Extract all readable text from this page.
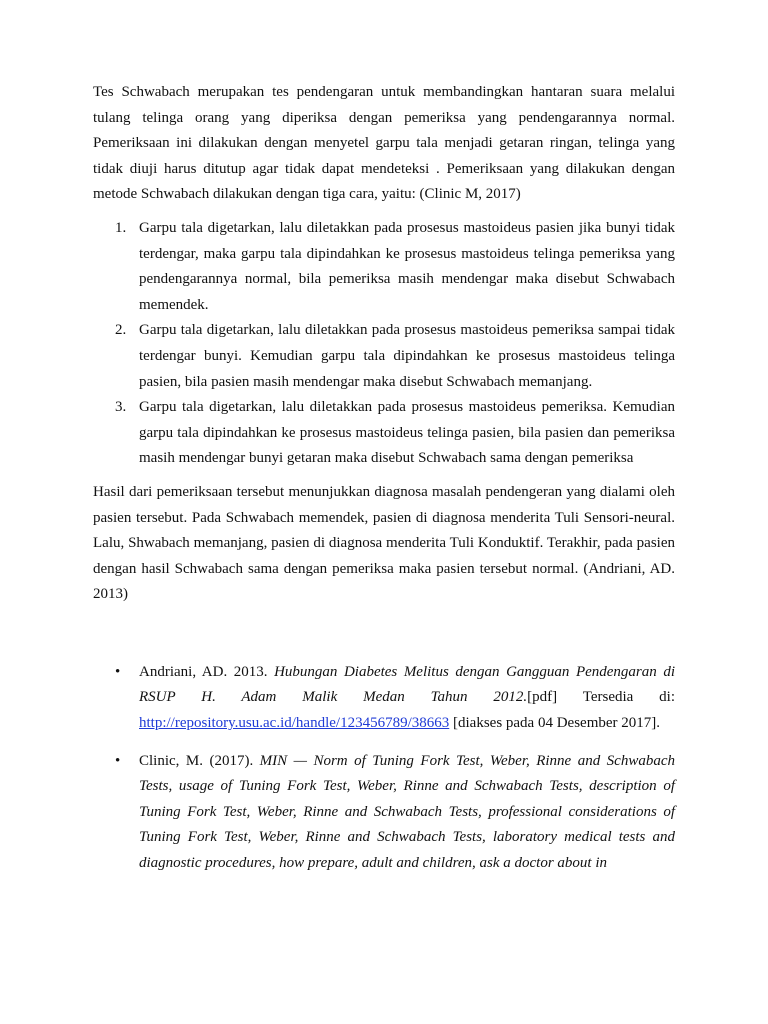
Tes Schwabach merupakan tes pendengaran untuk membandingkan hantaran suara melalui tulang telinga orang yang diperiksa dengan pemeriksa yang pendengarannya normal. Pemeriksaan ini dilakukan dengan menyetel garpu tala menjadi getaran ringan, telinga yang tidak diuji harus ditutup agar tidak dapat mendeteksi . Pemeriksaan yang dilakukan dengan metode Schwabach dilakukan dengan tiga cara, yaitu: (Clinic M, 2017)

1. Garpu tala digetarkan, lalu diletakkan pada prosesus mastoideus pasien jika bunyi tidak terdengar, maka garpu tala dipindahkan ke prosesus mastoideus telinga pemeriksa yang pendengarannya normal, bila pemeriksa masih mendengar maka disebut Schwabach memendek.
2. Garpu tala digetarkan, lalu diletakkan pada prosesus mastoideus pemeriksa sampai tidak terdengar bunyi. Kemudian garpu tala dipindahkan ke prosesus mastoideus telinga pasien, bila pasien masih mendengar maka disebut Schwabach memanjang.
3. Garpu tala digetarkan, lalu diletakkan pada prosesus mastoideus pemeriksa. Kemudian garpu tala dipindahkan ke prosesus mastoideus telinga pasien, bila pasien dan pemeriksa masih mendengar bunyi getaran maka disebut Schwabach sama dengan pemeriksa

Hasil dari pemeriksaan tersebut menunjukkan diagnosa masalah pendengeran yang dialami oleh pasien tersebut. Pada Schwabach memendek, pasien di diagnosa menderita Tuli Sensori-neural. Lalu, Shwabach memanjang, pasien di diagnosa menderita Tuli Konduktif. Terakhir, pada pasien dengan hasil Schwabach sama dengan pemeriksa maka pasien tersebut normal. (Andriani, AD. 2013)

• Andriani, AD. 2013. Hubungan Diabetes Melitus dengan Gangguan Pendengaran di RSUP H. Adam Malik Medan Tahun 2012.[pdf] Tersedia di: http://repository.usu.ac.id/handle/123456789/38663 [diakses pada 04 Desember 2017].
• Clinic, M. (2017). MIN — Norm of Tuning Fork Test, Weber, Rinne and Schwabach Tests, usage of Tuning Fork Test, Weber, Rinne and Schwabach Tests, description of Tuning Fork Test, Weber, Rinne and Schwabach Tests, professional considerations of Tuning Fork Test, Weber, Rinne and Schwabach Tests, laboratory medical tests and diagnostic procedures, how prepare, adult and children, ask a doctor about in
